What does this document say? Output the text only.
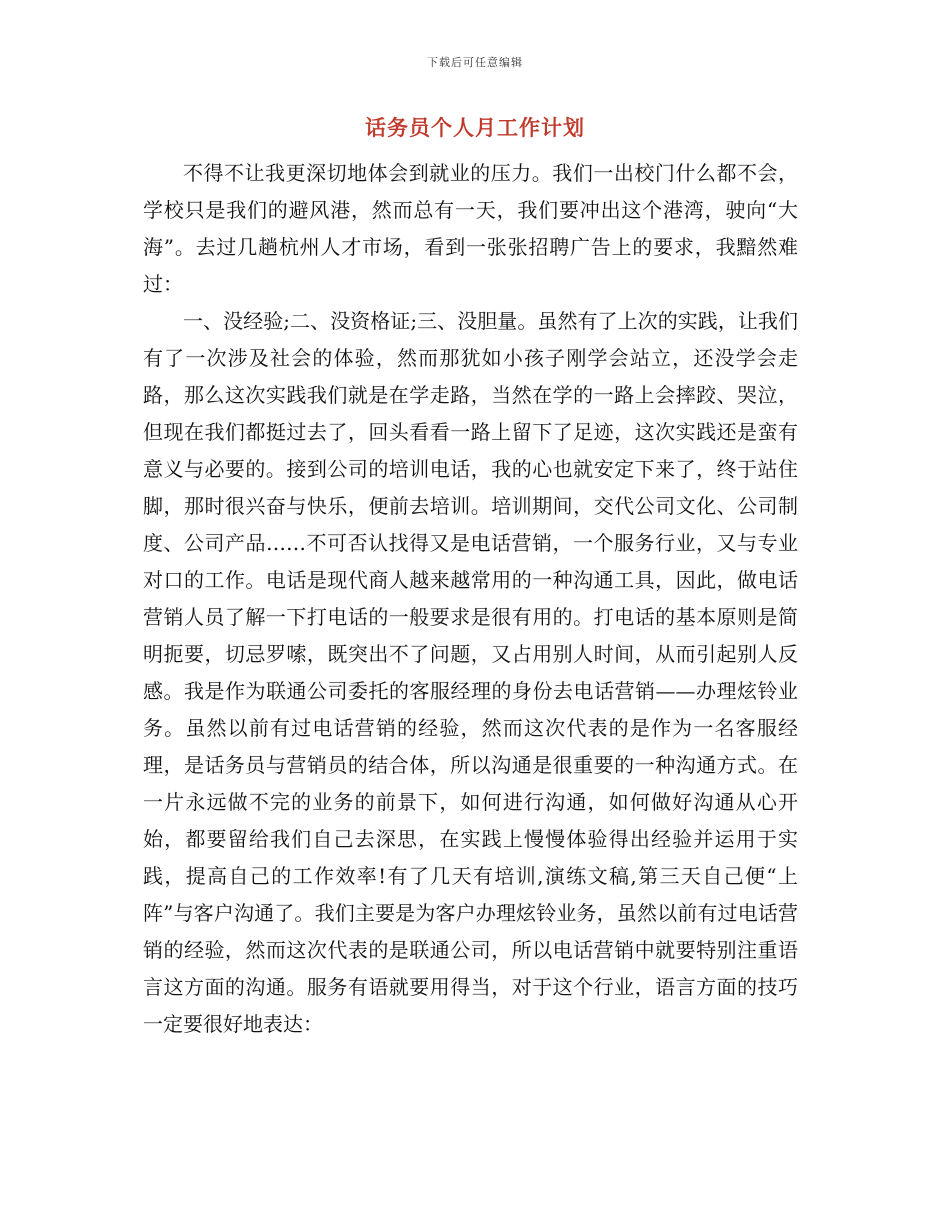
下载后可任意编辑
话务员个人月工作计划

不得不让我更深切地体会到就业的压力。我们一出校门什么都不会，学校只是我们的避风港，然而总有一天，我们要冲出这个港湾，驶向“大海”。去过几趟杭州人才市场，看到一张张招聘广告上的要求，我黯然难过：

一、没经验;二、没资格证;三、没胆量。虽然有了上次的实践，让我们有了一次涉及社会的体验，然而那犹如小孩子刚学会站立，还没学会走路，那么这次实践我们就是在学走路，当然在学的一路上会摔跤、哭泣，但现在我们都挺过去了，回头看看一路上留下了足迹，这次实践还是蛮有意义与必要的。接到公司的培训电话，我的心也就安定下来了，终于站住脚，那时很兴奋与快乐，便前去培训。培训期间，交代公司文化、公司制度、公司产品……不可否认找得又是电话营销，一个服务行业，又与专业对口的工作。电话是现代商人越来越常用的一种沟通工具，因此，做电话营销人员了解一下打电话的一般要求是很有用的。打电话的基本原则是简明扼要，切忌罗嗦，既突出不了问题，又占用别人时间，从而引起别人反感。我是作为联通公司委托的客服经理的身份去电话营销——办理炫铃业务。虽然以前有过电话营销的经验，然而这次代表的是作为一名客服经理，是话务员与营销员的结合体，所以沟通是很重要的一种沟通方式。在一片永远做不完的业务的前景下，如何进行沟通，如何做好沟通从心开始，都要留给我们自己去深思，在实践上慢慢体验得出经验并运用于实践，提高自己的工作效率!有了几天有培训,演练文稿,第三天自己便“上阵”与客户沟通了。我们主要是为客户办理炫铃业务，虽然以前有过电话营销的经验，然而这次代表的是联通公司，所以电话营销中就要特别注重语言这方面的沟通。服务有语就要用得当，对于这个行业，语言方面的技巧一定要很好地表达：
